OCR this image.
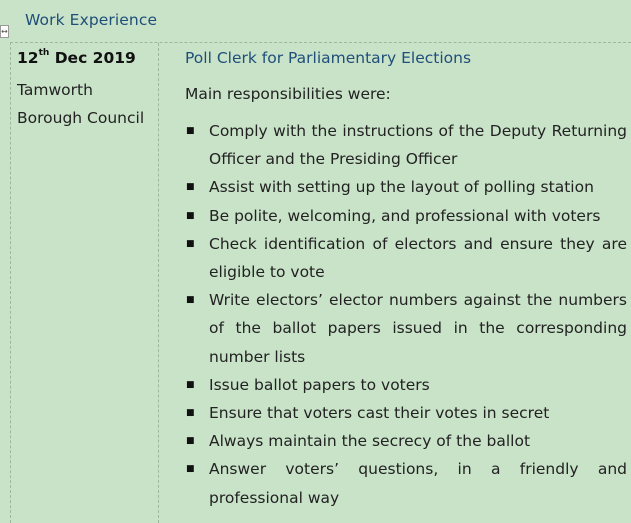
↔
Work Experience
12th Dec 2019
Tamworth Borough Council
Poll Clerk for Parliamentary Elections
Main responsibilities were:
■ Comply with the instructions of the Deputy Returning Officer and the Presiding Officer
■ Assist with setting up the layout of polling station
■ Be polite, welcoming, and professional with voters
■ Check identification of electors and ensure they are eligible to vote
■ Write electors’ elector numbers against the numbers of the ballot papers issued in the corresponding number lists
■ Issue ballot papers to voters
■ Ensure that voters cast their votes in secret
■ Always maintain the secrecy of the ballot
■ Answer voters’ questions, in a friendly and professional way
